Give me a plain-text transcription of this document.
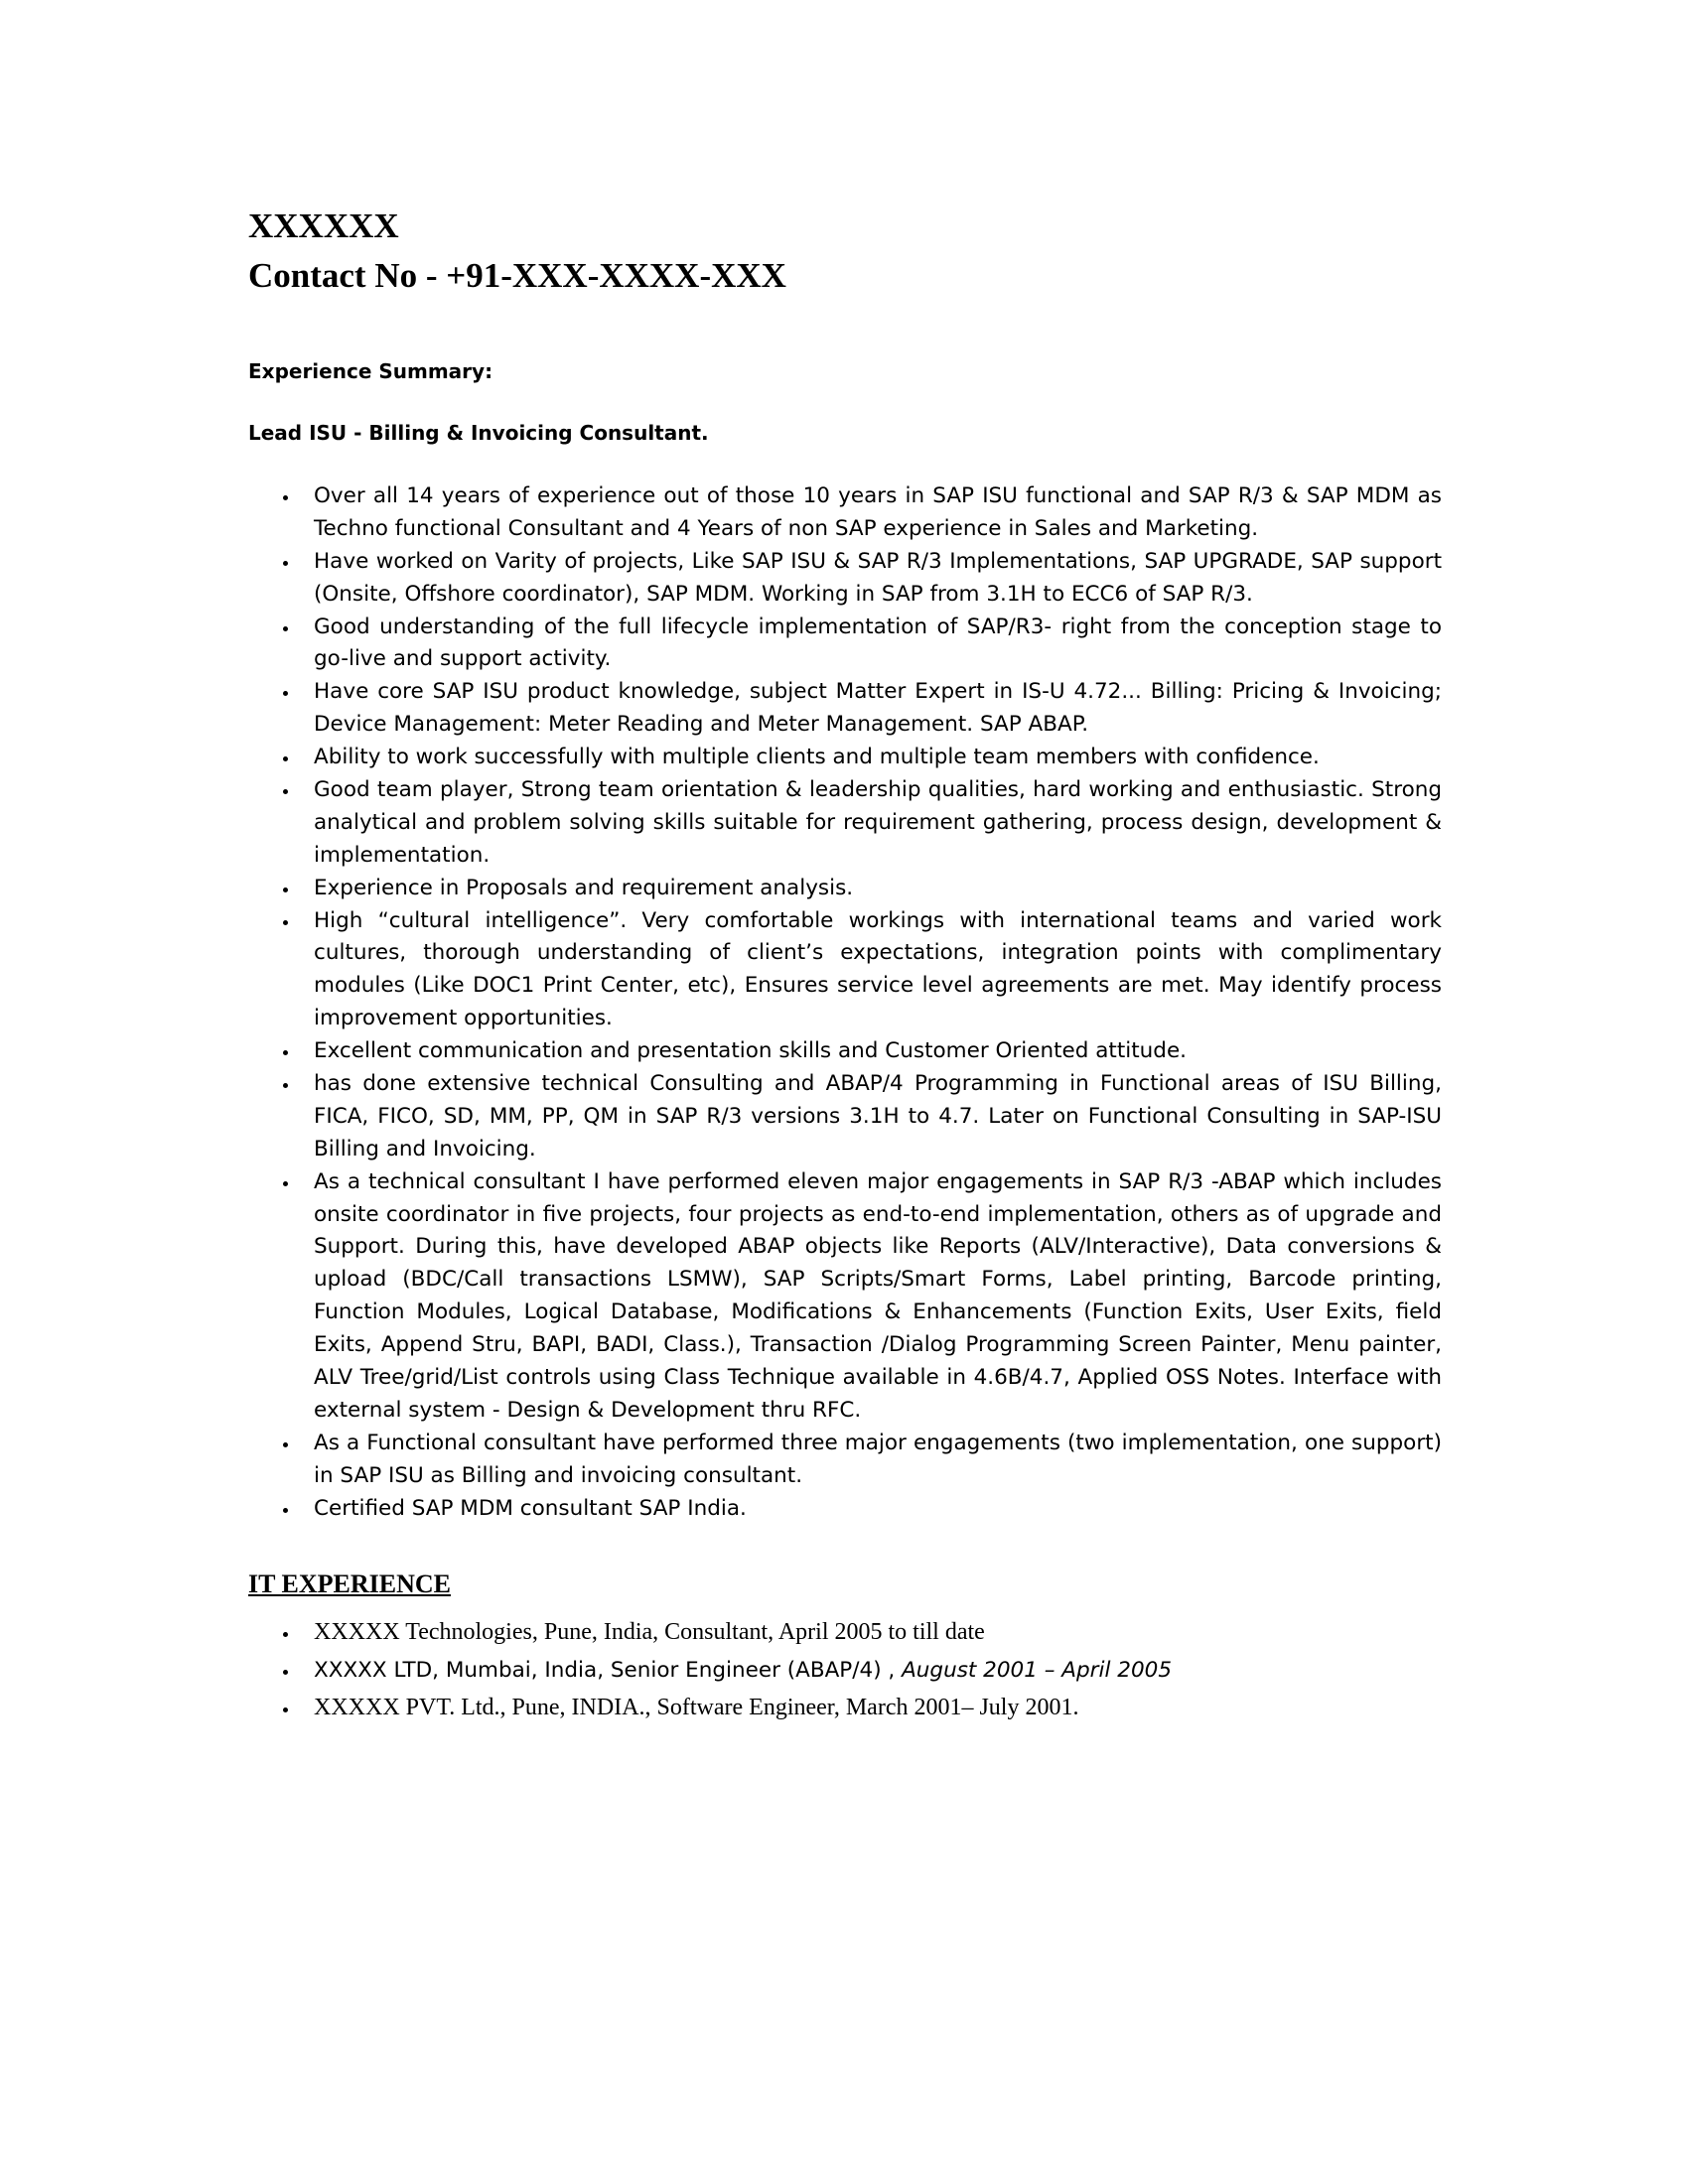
XXXXXX
Contact No - +91-XXX-XXXX-XXX
Experience Summary:
Lead ISU - Billing & Invoicing Consultant.
• Over all 14 years of experience out of those 10 years in SAP ISU functional and SAP R/3 & SAP MDM as Techno functional Consultant and 4 Years of non SAP experience in Sales and Marketing.
• Have worked on Varity of projects, Like SAP ISU & SAP R/3 Implementations, SAP UPGRADE, SAP support (Onsite, Offshore coordinator), SAP MDM. Working in SAP from 3.1H to ECC6 of SAP R/3.
• Good understanding of the full lifecycle implementation of SAP/R3- right from the conception stage to go-live and support activity.
• Have core SAP ISU product knowledge, subject Matter Expert in IS-U 4.72... Billing: Pricing & Invoicing; Device Management: Meter Reading and Meter Management. SAP ABAP.
• Ability to work successfully with multiple clients and multiple team members with confidence.
• Good team player, Strong team orientation & leadership qualities, hard working and enthusiastic. Strong analytical and problem solving skills suitable for requirement gathering, process design, development & implementation.
• Experience in Proposals and requirement analysis.
• High “cultural intelligence”. Very comfortable workings with international teams and varied work cultures, thorough understanding of client’s expectations, integration points with complimentary modules (Like DOC1 Print Center, etc), Ensures service level agreements are met. May identify process improvement opportunities.
• Excellent communication and presentation skills and Customer Oriented attitude.
• has done extensive technical Consulting and ABAP/4 Programming in Functional areas of ISU Billing, FICA, FICO, SD, MM, PP, QM in SAP R/3 versions 3.1H to 4.7. Later on Functional Consulting in SAP-ISU Billing and Invoicing.
• As a technical consultant I have performed eleven major engagements in SAP R/3 -ABAP which includes onsite coordinator in five projects, four projects as end-to-end implementation, others as of upgrade and Support. During this, have developed ABAP objects like Reports (ALV/Interactive), Data conversions & upload (BDC/Call transactions LSMW), SAP Scripts/Smart Forms, Label printing, Barcode printing, Function Modules, Logical Database, Modifications & Enhancements (Function Exits, User Exits, field Exits, Append Stru, BAPI, BADI, Class.), Transaction /Dialog Programming Screen Painter, Menu painter, ALV Tree/grid/List controls using Class Technique available in 4.6B/4.7, Applied OSS Notes. Interface with external system - Design & Development thru RFC.
• As a Functional consultant have performed three major engagements (two implementation, one support) in SAP ISU as Billing and invoicing consultant.
• Certified SAP MDM consultant SAP India.
IT EXPERIENCE
• XXXXX Technologies, Pune, India, Consultant, April 2005 to till date
• XXXXX LTD, Mumbai, India, Senior Engineer (ABAP/4) , August 2001 – April 2005
• XXXXX PVT. Ltd., Pune, INDIA., Software Engineer, March 2001– July 2001.
